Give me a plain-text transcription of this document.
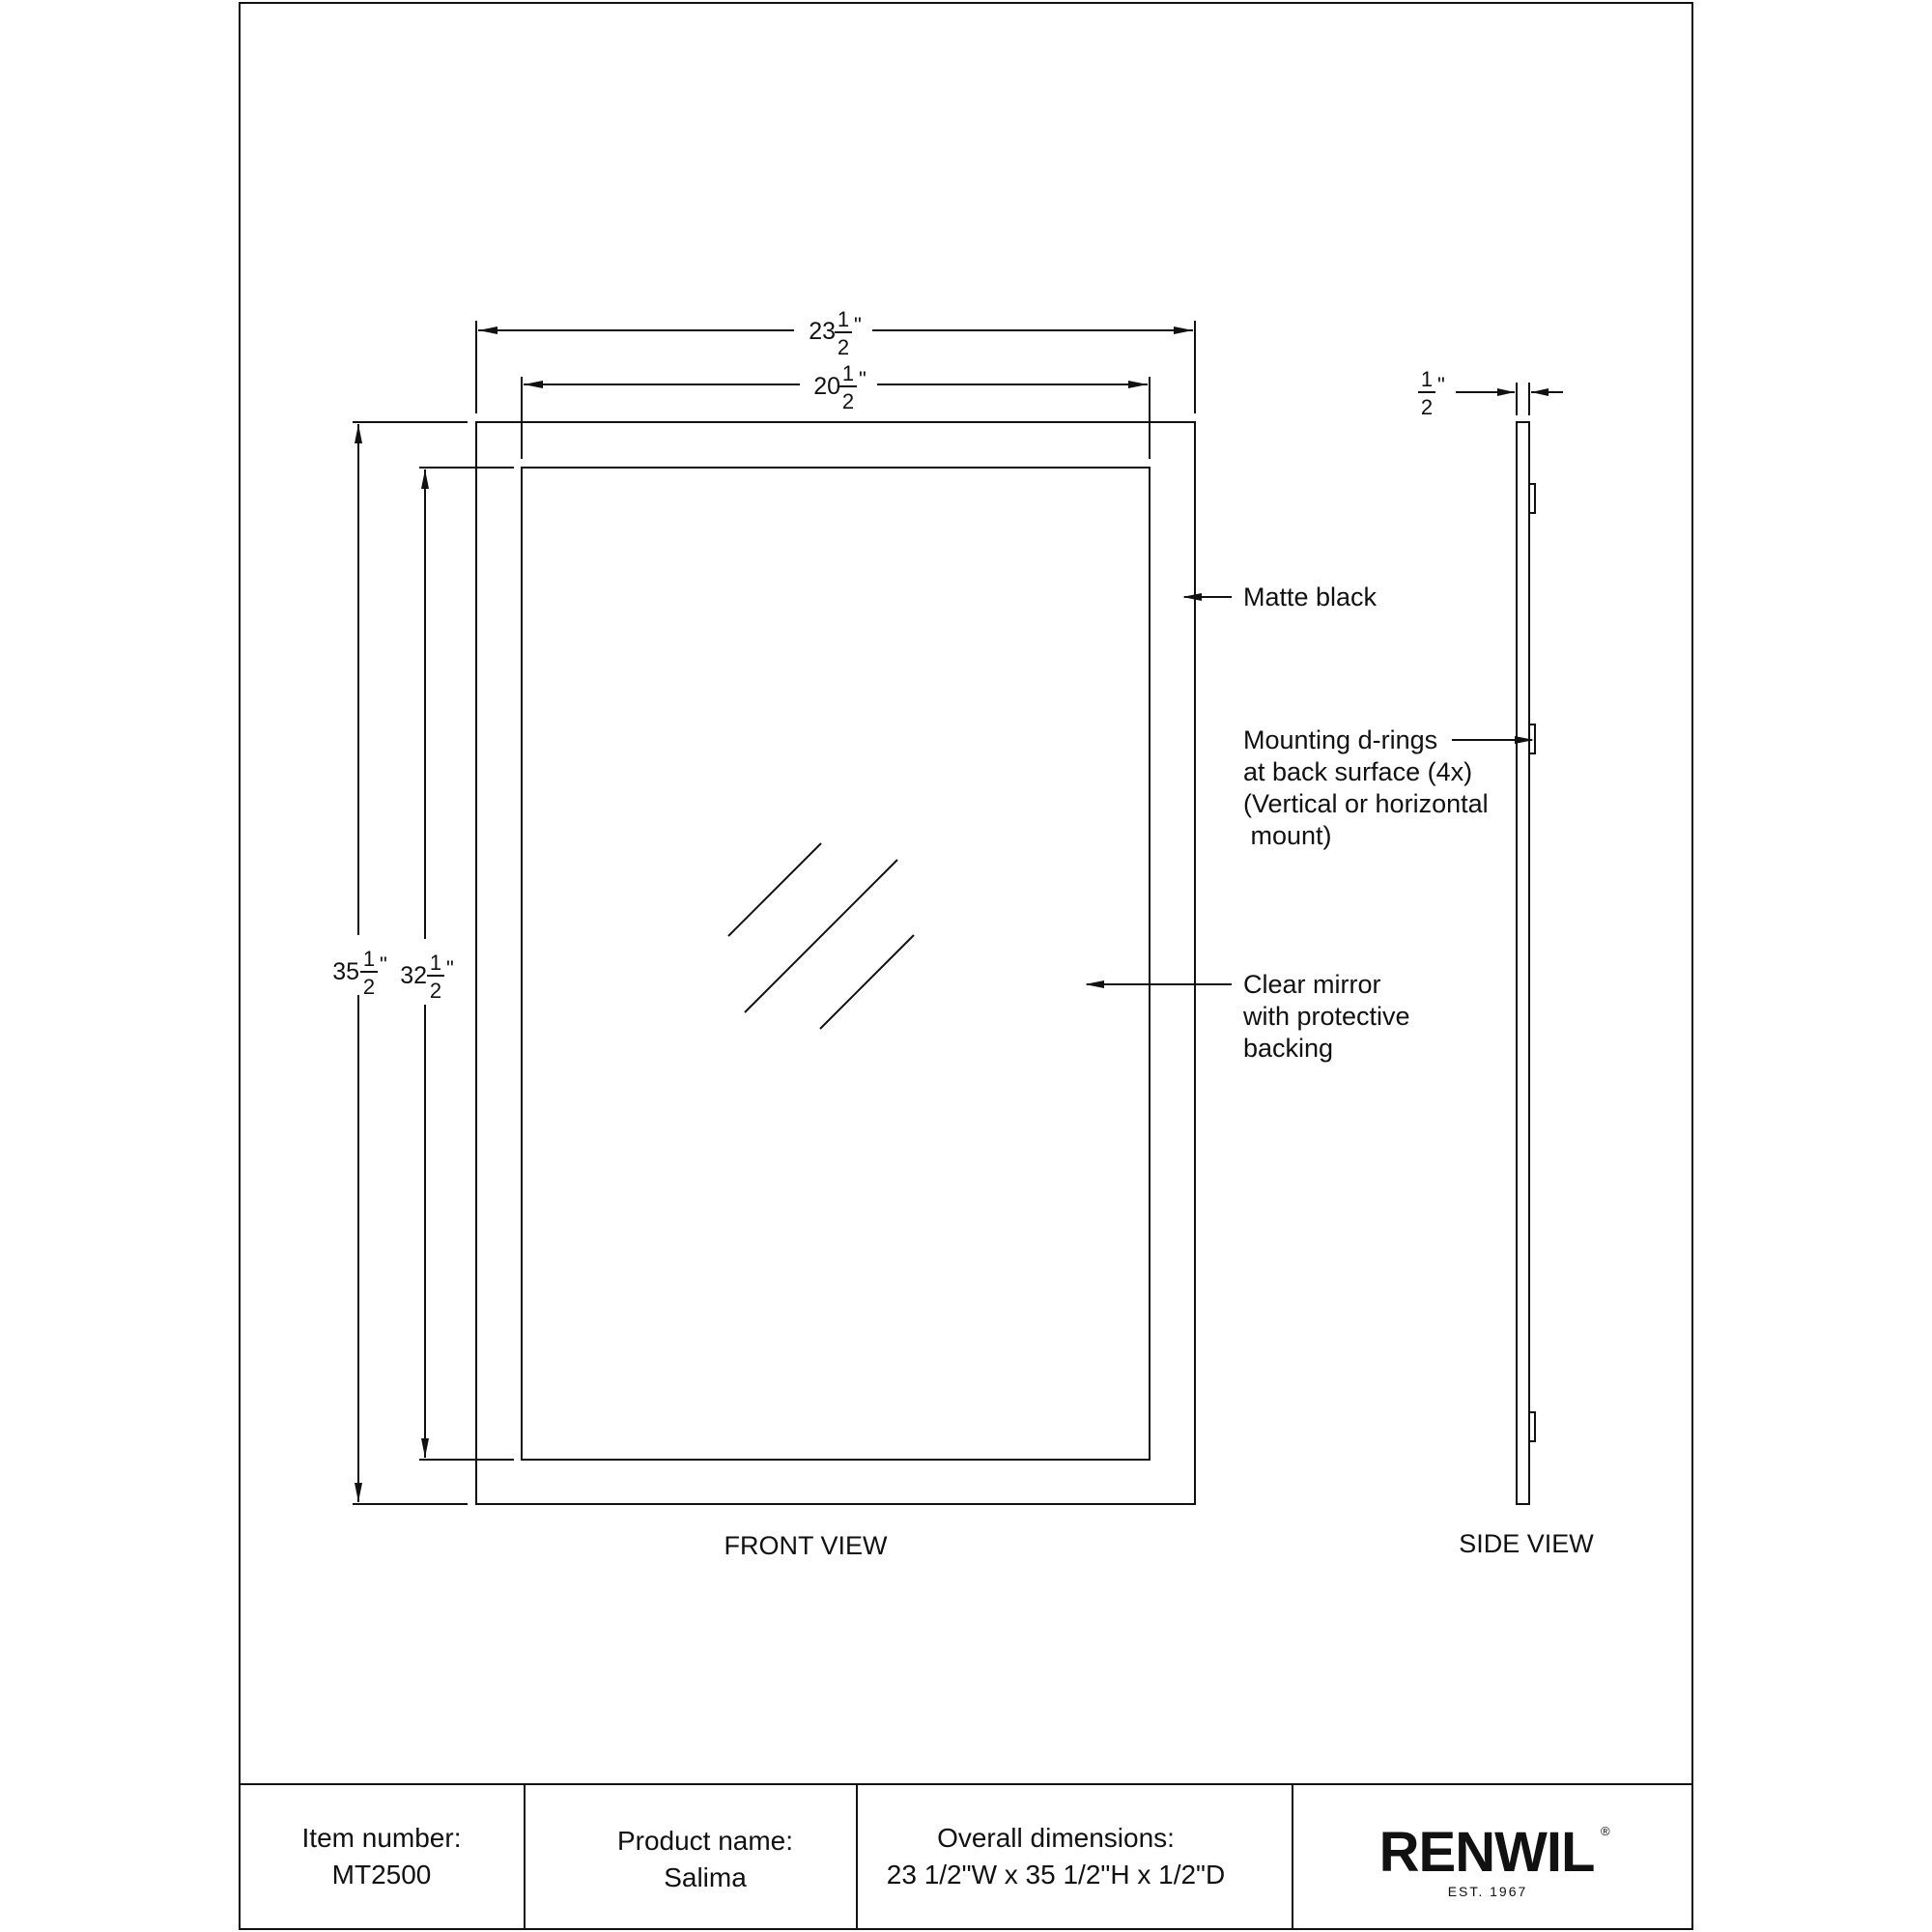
23 1
2
"
20 1
2
"
35 1
2
" 32 1
2
"
Matte black
Mounting d-rings
at back surface (4x)
(Vertical or horizontal
mount)
Clear mirror
with protective
backing
FRONT VIEW
1
2
"
SIDE VIEW
Item number:
MT2500
Product name:
Salima
Overall dimensions:
23 1/2"W x 35 1/2"H x 1/2"D	RENWIL ®
EST. 1967
